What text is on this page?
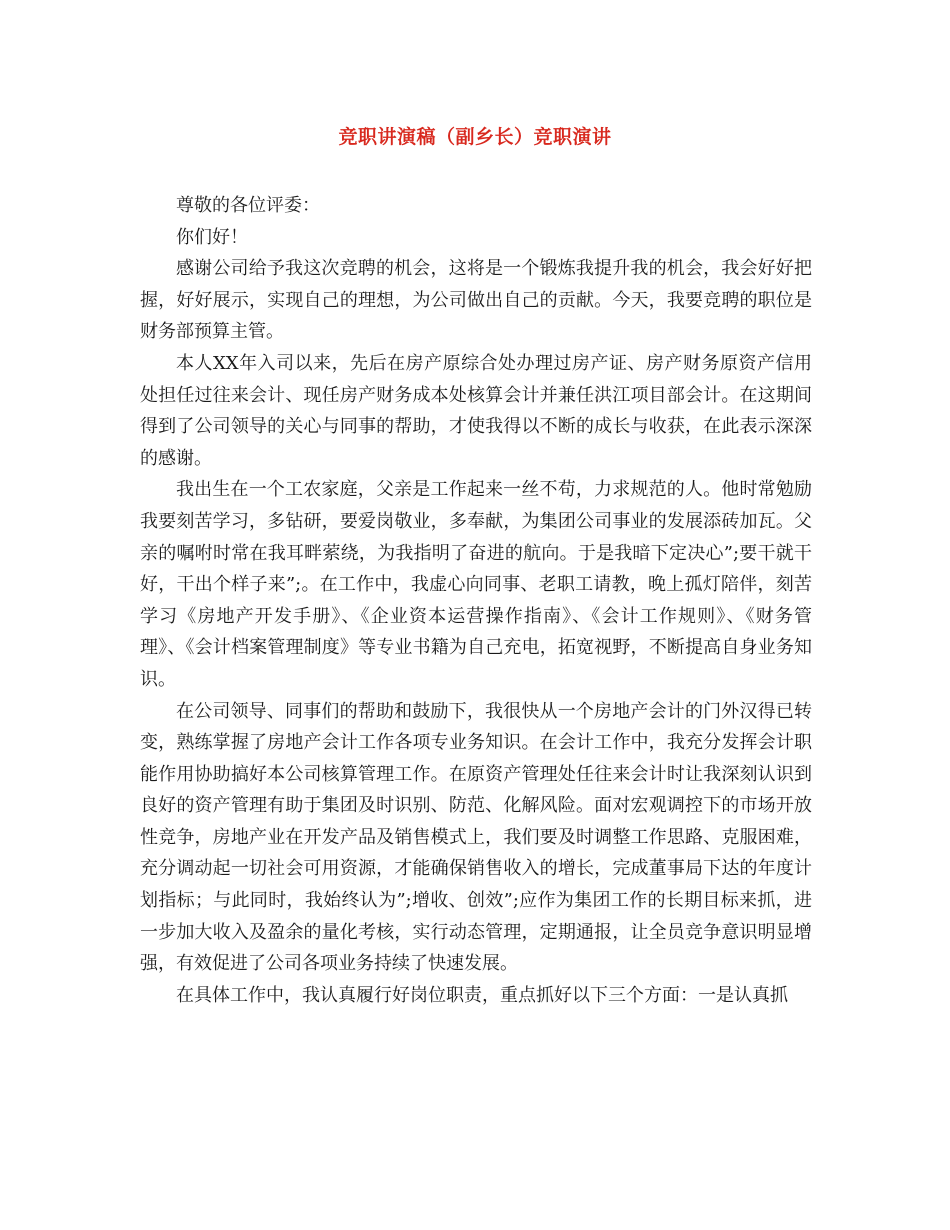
竞职讲演稿（副乡长）竞职演讲

尊敬的各位评委：

你们好！

感谢公司给予我这次竞聘的机会，这将是一个锻炼我提升我的机会，我会好好把握，好好展示，实现自己的理想，为公司做出自己的贡献。今天，我要竞聘的职位是财务部预算主管。

本人XX年入司以来，先后在房产原综合处办理过房产证、房产财务原资产信用处担任过往来会计、现任房产财务成本处核算会计并兼任洪江项目部会计。在这期间得到了公司领导的关心与同事的帮助，才使我得以不断的成长与收获，在此表示深深的感谢。

我出生在一个工农家庭，父亲是工作起来一丝不苟，力求规范的人。他时常勉励我要刻苦学习，多钻研，要爱岗敬业，多奉献，为集团公司事业的发展添砖加瓦。父亲的嘱咐时常在我耳畔萦绕，为我指明了奋进的航向。于是我暗下定决心”;要干就干好，干出个样子来”;。在工作中，我虚心向同事、老职工请教，晚上孤灯陪伴，刻苦学习《房地产开发手册》、《企业资本运营操作指南》、《会计工作规则》、《财务管理》、《会计档案管理制度》等专业书籍为自己充电，拓宽视野，不断提高自身业务知识。

在公司领导、同事们的帮助和鼓励下，我很快从一个房地产会计的门外汉得已转变，熟练掌握了房地产会计工作各项专业务知识。在会计工作中，我充分发挥会计职能作用协助搞好本公司核算管理工作。在原资产管理处任往来会计时让我深刻认识到良好的资产管理有助于集团及时识别、防范、化解风险。面对宏观调控下的市场开放性竞争，房地产业在开发产品及销售模式上，我们要及时调整工作思路、克服困难，充分调动起一切社会可用资源，才能确保销售收入的增长，完成董事局下达的年度计划指标；与此同时，我始终认为”;增收、创效”;应作为集团工作的长期目标来抓，进一步加大收入及盈余的量化考核，实行动态管理，定期通报，让全员竞争意识明显增强，有效促进了公司各项业务持续了快速发展。

在具体工作中，我认真履行好岗位职责，重点抓好以下三个方面：一是认真抓
